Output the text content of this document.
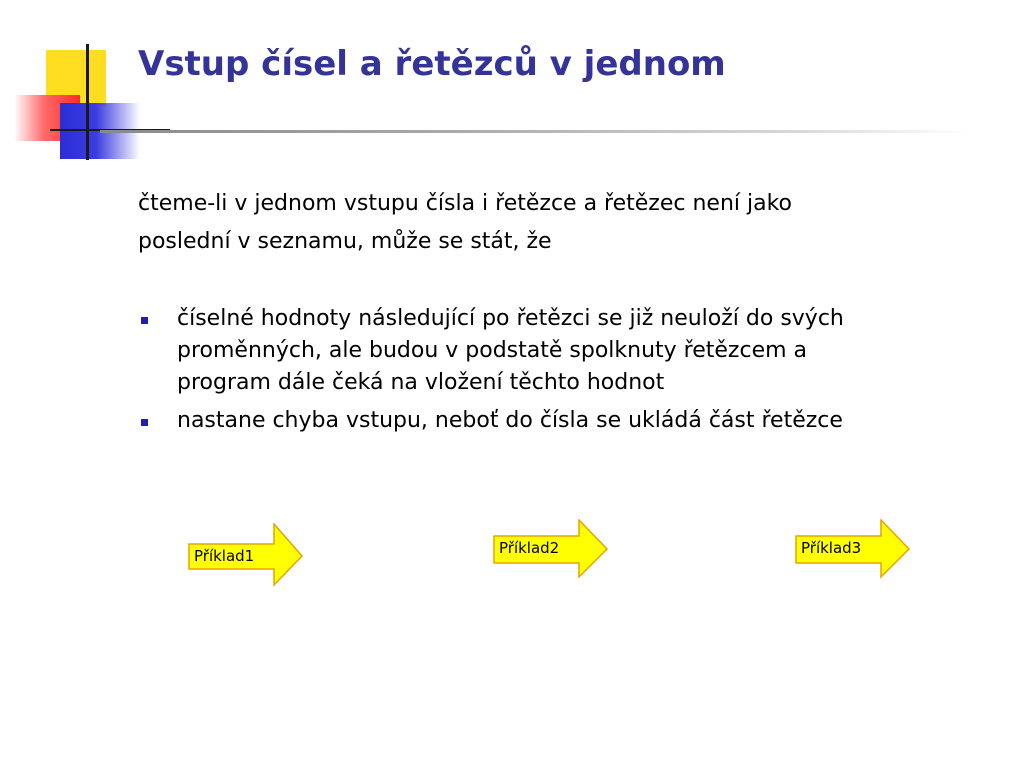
Vstup čísel a řetězců v jednom
čteme-li v jednom vstupu čísla i řetězce a řetězec není jako
poslední v seznamu, může se stát, že
číselné hodnoty následující po řetězci se již neuloží do svých
proměnných, ale budou v podstatě spolknuty řetězcem a
program dále čeká na vložení těchto hodnot
nastane chyba vstupu, neboť do čísla se ukládá část řetězce
Příklad1	Příklad2	Příklad3
